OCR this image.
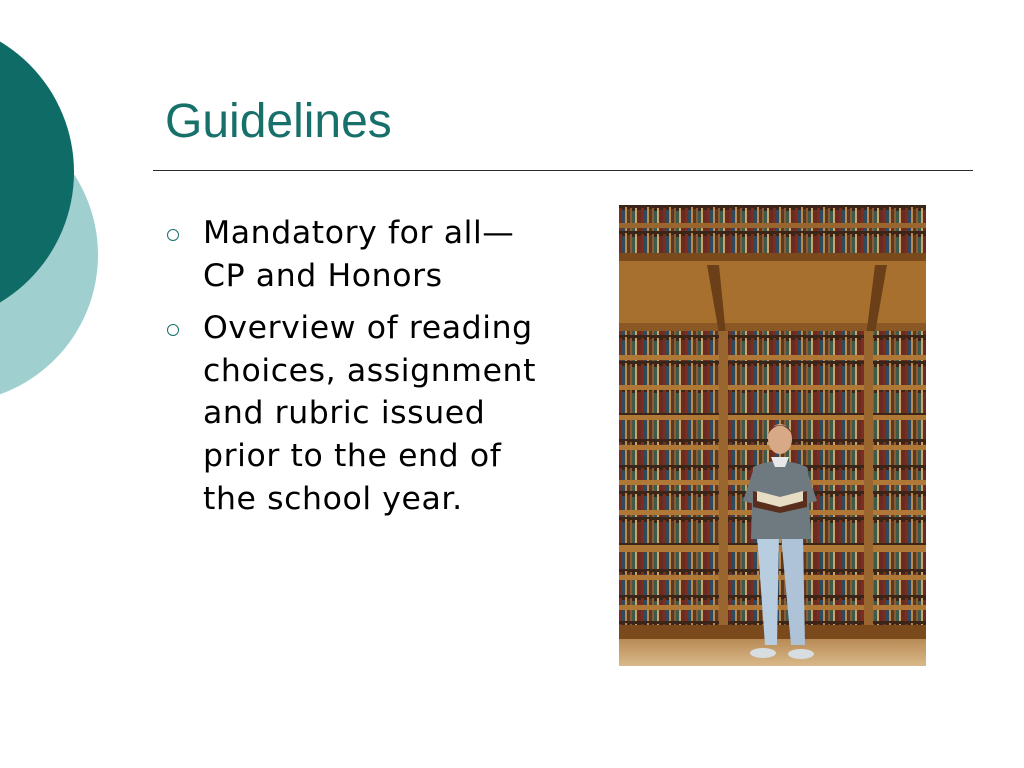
Guidelines
Mandatory for all— CP and Honors
Overview of reading choices, assignment and rubric issued prior to the end of the school year.
